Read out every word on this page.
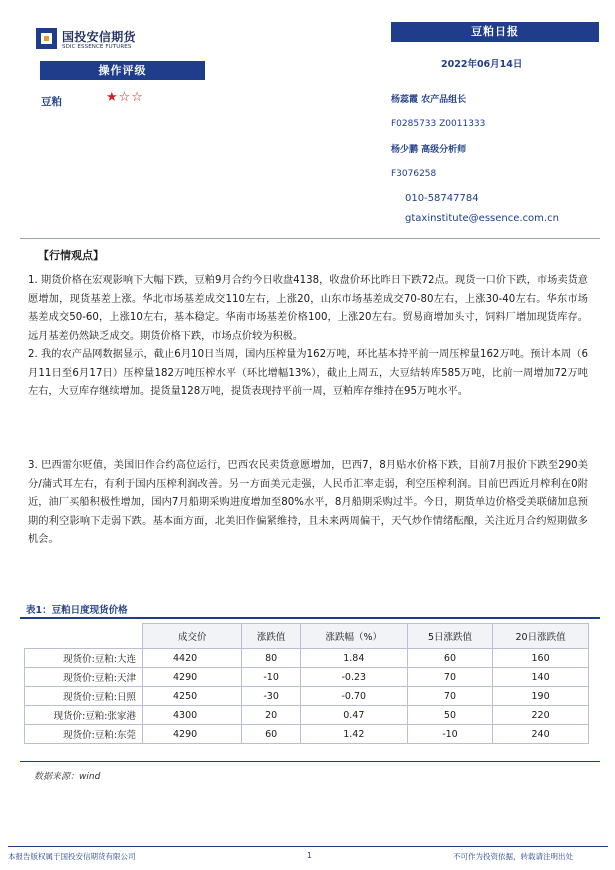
国投安信期货
SDIC ESSENCE FUTURES
豆粕日报
2022年06月14日
操作评级
豆粕	★☆☆	杨蕊霞 农产品组长
F0285733 Z0011333
杨少鹏 高级分析师
F3076258
010-58747784
gtaxinstitute@essence.com.cn
【行情观点】

1. 期货价格在宏观影响下大幅下跌，豆粕9月合约今日收盘4138，收盘价环比昨日下跌72点。现货一口价下跌，市场卖货意愿增加，现货基差上涨。华北市场基差成交110左右，上涨20，山东市场基差成交70-80左右，上涨30-40左右。华东市场基差成交50-60，上涨10左右，基本稳定。华南市场基差价格100，上涨20左右。贸易商增加头寸，饲料厂增加现货库存。远月基差仍然缺乏成交。期货价格下跌，市场点价较为积极。

2. 我的农产品网数据显示，截止6月10日当周，国内压榨量为162万吨，环比基本持平前一周压榨量162万吨。预计本周（6月11日至6月17日）压榨量182万吨压榨水平（环比增幅13%），截止上周五，大豆结转库585万吨，比前一周增加72万吨左右，大豆库存继续增加。提货量128万吨，提货表现持平前一周，豆粕库存维持在95万吨水平。

3. 巴西雷尔贬值，美国旧作合约高位运行，巴西农民卖货意愿增加，巴西7，8月贴水价格下跌，目前7月报价下跌至290美分/蒲式耳左右，有利于国内压榨利润改善。另一方面美元走强，人民币汇率走弱，利空压榨利润。目前巴西近月榨利在0附近，油厂买船积极性增加，国内7月船期采购进度增加至80%水平，8月船期采购过半。今日，期货单边价格受美联储加息预期的利空影响下走弱下跌。基本面方面，北美旧作偏紧维持，且未来两周偏干，天气炒作情绪酝酿，关注近月合约短期做多机会。

表1：豆粕日度现货价格
	成交价	涨跌值	涨跌幅（%）	5日涨跌值	20日涨跌值
现货价:豆粕:大连	4420	80	1.84	60	160
现货价:豆粕:天津	4290	-10	-0.23	70	140
现货价:豆粕:日照	4250	-30	-0.70	70	190
现货价:豆粕:张家港	4300	20	0.47	50	220
现货价:豆粕:东莞	4290	60	1.42	-10	240
数据来源：wind
本报告版权属于国投安信期货有限公司	1	不可作为投资依据，转载请注明出处
